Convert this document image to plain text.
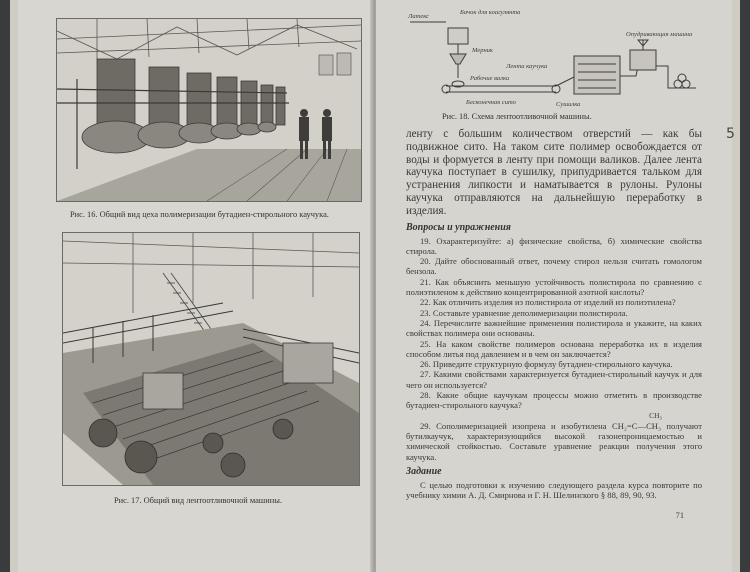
Рис. 16. Общий вид цеха полимеризации бутадиен-стирольного каучука.
Рис. 17. Общий вид лентоотливочной машины.
Латекс
Бачок для коагулянта
Мерник
Лента каучука
Рабочие валки
Бесконечная сито	Сушилка
Опудривающая машина
Рис. 18. Схема лентоотливочной машины.

ленту с большим количеством отверстий — как бы подвижное сито. На таком сите полимер освобождается от воды и формуется в ленту при помощи валиков. Далее лента каучука поступает в сушилку, припудривается тальком для устранения липкости и наматывается в рулоны. Рулоны каучука отправляются на дальнейшую переработку в изделия.

Вопросы и упражнения

19. Охарактеризуйте: а) физические свойства, б) химические свойства стирола.

20. Дайте обоснованный ответ, почему стирол нельзя считать гомологом бензола.

21. Как объяснить меньшую устойчивость полистирола по сравнению с полиэтиленом к действию концентрированной азотной кислоты?

22. Как отличить изделия из полистирола от изделий из полиэтилена?

23. Составьте уравнение деполимеризации полистирола.

24. Перечислите важнейшие применения полистирола и укажите, на каких свойствах полимера они основаны.

25. На каком свойстве полимеров основана переработка их в изделия способом литья под давлением и в чем он заключается?

26. Приведите структурную формулу бутадиен-стирольного каучука.

27. Какими свойствами характеризуется бутадиен-стирольный каучук и для чего он используется?

28. Какие общие каучукам процессы можно отметить в производстве бутадиен-стирольного каучука?

CH₃

29. Сополимеризацией изопрена и изобутилена CH₂=C—CH₃ получают бутилкаучук, характеризующийся высокой газонепроницаемостью и химической стойкостью. Составьте уравнение реакции получения этого каучука.

Задание

С целью подготовки к изучению следующего раздела курса повторите по учебнику химии А. Д. Смирнова и Г. Н. Шелинского § 88, 89, 90, 93.

71
5
